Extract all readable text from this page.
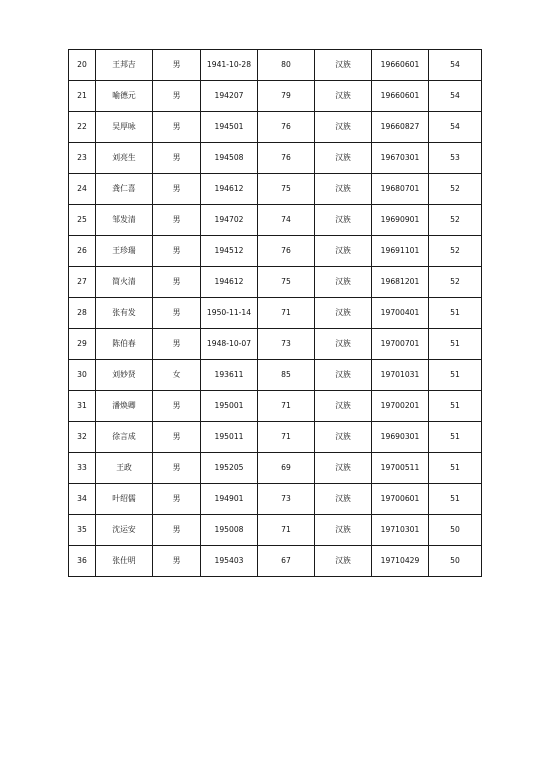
20	王邦吉	男	1941-10-28	80	汉族	19660601	54
21	喻德元	男	194207	79	汉族	19660601	54
22	吴厚咏	男	194501	76	汉族	19660827	54
23	刘亮生	男	194508	76	汉族	19670301	53
24	龚仁喜	男	194612	75	汉族	19680701	52
25	邹发清	男	194702	74	汉族	19690901	52
26	王珍瑞	男	194512	76	汉族	19691101	52
27	简火清	男	194612	75	汉族	19681201	52
28	张有发	男	1950-11-14	71	汉族	19700401	51
29	陈伯春	男	1948-10-07	73	汉族	19700701	51
30	刘妙贤	女	193611	85	汉族	19701031	51
31	潘焕卿	男	195001	71	汉族	19700201	51
32	徐言成	男	195011	71	汉族	19690301	51
33	王政	男	195205	69	汉族	19700511	51
34	叶绍儒	男	194901	73	汉族	19700601	51
35	沈运安	男	195008	71	汉族	19710301	50
36	张仕明	男	195403	67	汉族	19710429	50
